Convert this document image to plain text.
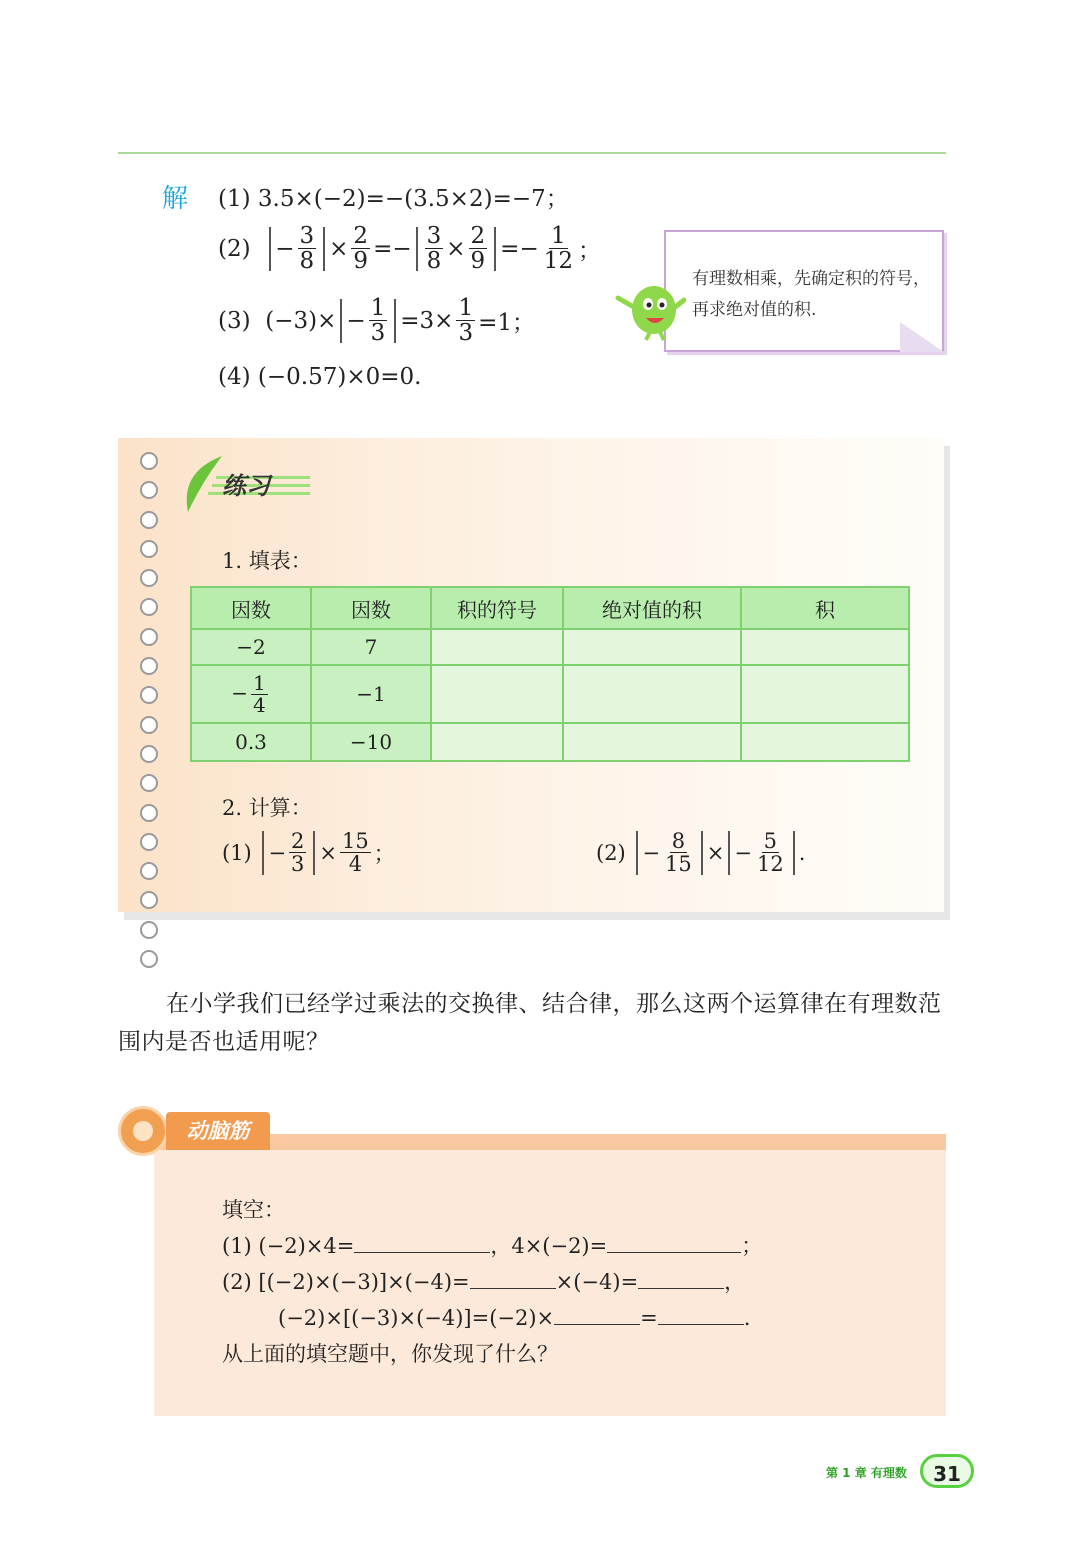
解 (1) 3.5×(−2)=−(3.5×2)=−7；
(2)
− $\frac{3}{8} \times \frac{2}{9} =- \frac{3}{8} \times \frac{2}{9} =- \frac{1}{12}$ ；
(3) $(-3)\times - \frac{1}{3} =3\times \frac{1}{3} =1$；
(4) (−0.57)×0=0.
有理数相乘，先确定积的符号，再求绝对值的积.
练习
1. 填表：
因数	因数	积的符号	绝对值的积	积
−2	7			
− $\frac{1}{4}$	−1			
0.3	−10			
2. 计算：
(1)
− $\frac{2}{3} \times \frac{15}{4}$ ；	(2)
− $\frac{8}{15}$ × − $\frac{5}{12}$ .
在小学我们已经学过乘法的交换律、结合律，那么这两个运算律在有理数范围内是否也适用呢？
动脑筋
填空：
(1) (−2)×4=	，4×(−2)=	；
(2) [(−2)×(−3)]×(−4)=	×(−4)=	，
(−2)×[(−3)×(−4)]=(−2)×	=	.
从上面的填空题中，你发现了什么？
第 1 章 有理数	31
